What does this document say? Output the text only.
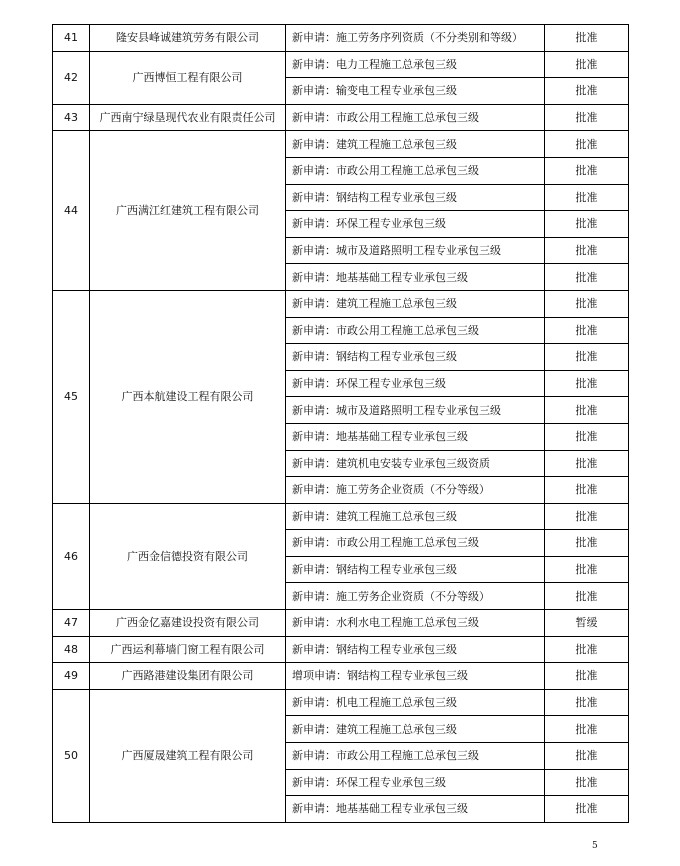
41	隆安县峰诚建筑劳务有限公司	新申请：施工劳务序列资质（不分类别和等级）	批准
42	广西博恒工程有限公司	新申请：电力工程施工总承包三级	批准
		新申请：输变电工程专业承包三级	批准
43	广西南宁绿垦现代农业有限责任公司	新申请：市政公用工程施工总承包三级	批准
44	广西满江红建筑工程有限公司	新申请：建筑工程施工总承包三级	批准
		新申请：市政公用工程施工总承包三级	批准
		新申请：钢结构工程专业承包三级	批准
		新申请：环保工程专业承包三级	批准
		新申请：城市及道路照明工程专业承包三级	批准
		新申请：地基基础工程专业承包三级	批准
45	广西本航建设工程有限公司	新申请：建筑工程施工总承包三级	批准
		新申请：市政公用工程施工总承包三级	批准
		新申请：钢结构工程专业承包三级	批准
		新申请：环保工程专业承包三级	批准
		新申请：城市及道路照明工程专业承包三级	批准
		新申请：地基基础工程专业承包三级	批准
		新申请：建筑机电安装专业承包三级资质	批准
		新申请：施工劳务企业资质（不分等级）	批准
46	广西金信德投资有限公司	新申请：建筑工程施工总承包三级	批准
		新申请：市政公用工程施工总承包三级	批准
		新申请：钢结构工程专业承包三级	批准
		新申请：施工劳务企业资质（不分等级）	批准
47	广西金亿嘉建设投资有限公司	新申请：水利水电工程施工总承包三级	暂缓
48	广西运利幕墙门窗工程有限公司	新申请：钢结构工程专业承包三级	批准
49	广西路港建设集团有限公司	增项申请：钢结构工程专业承包三级	批准
50	广西厦晟建筑工程有限公司	新申请：机电工程施工总承包三级	批准
		新申请：建筑工程施工总承包三级	批准
		新申请：市政公用工程施工总承包三级	批准
		新申请：环保工程专业承包三级	批准
		新申请：地基基础工程专业承包三级	批准
5
